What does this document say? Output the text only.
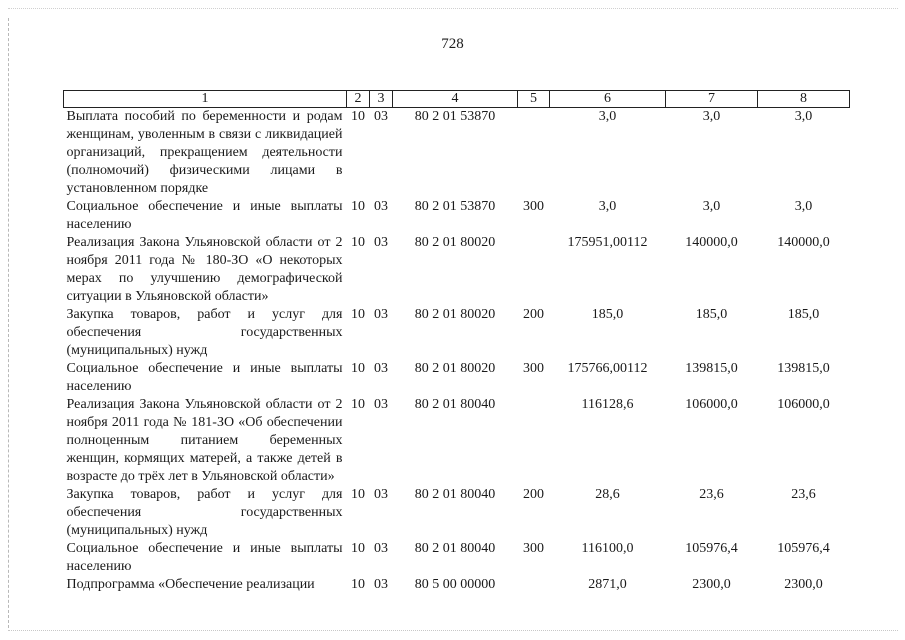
728
1	2	3	4	5	6	7	8
Выплата пособий по беременности и родам женщинам, уволенным в связи с ликвидацией организаций, прекращением деятельности (полномочий) физическими лицами в установленном порядке	10	03	80 2 01 53870		3,0	3,0	3,0
Социальное обеспечение и иные выплаты населению	10	03	80 2 01 53870	300	3,0	3,0	3,0
Реализация Закона Ульяновской области от 2 ноября 2011 года № 180-ЗО «О некоторых мерах по улучшению демографической ситуации в Ульяновской области»	10	03	80 2 01 80020		175951,00112	140000,0	140000,0
Закупка товаров, работ и услуг для обеспечения государственных (муниципальных) нужд	10	03	80 2 01 80020	200	185,0	185,0	185,0
Социальное обеспечение и иные выплаты населению	10	03	80 2 01 80020	300	175766,00112	139815,0	139815,0
Реализация Закона Ульяновской области от 2 ноября 2011 года № 181-ЗО «Об обеспечении полноценным питанием беременных женщин, кормящих матерей, а также детей в возрасте до трёх лет в Ульяновской области»	10	03	80 2 01 80040		116128,6	106000,0	106000,0
Закупка товаров, работ и услуг для обеспечения государственных (муниципальных) нужд	10	03	80 2 01 80040	200	28,6	23,6	23,6
Социальное обеспечение и иные выплаты населению	10	03	80 2 01 80040	300	116100,0	105976,4	105976,4
Подпрограмма «Обеспечение реализации	10	03	80 5 00 00000		2871,0	2300,0	2300,0
